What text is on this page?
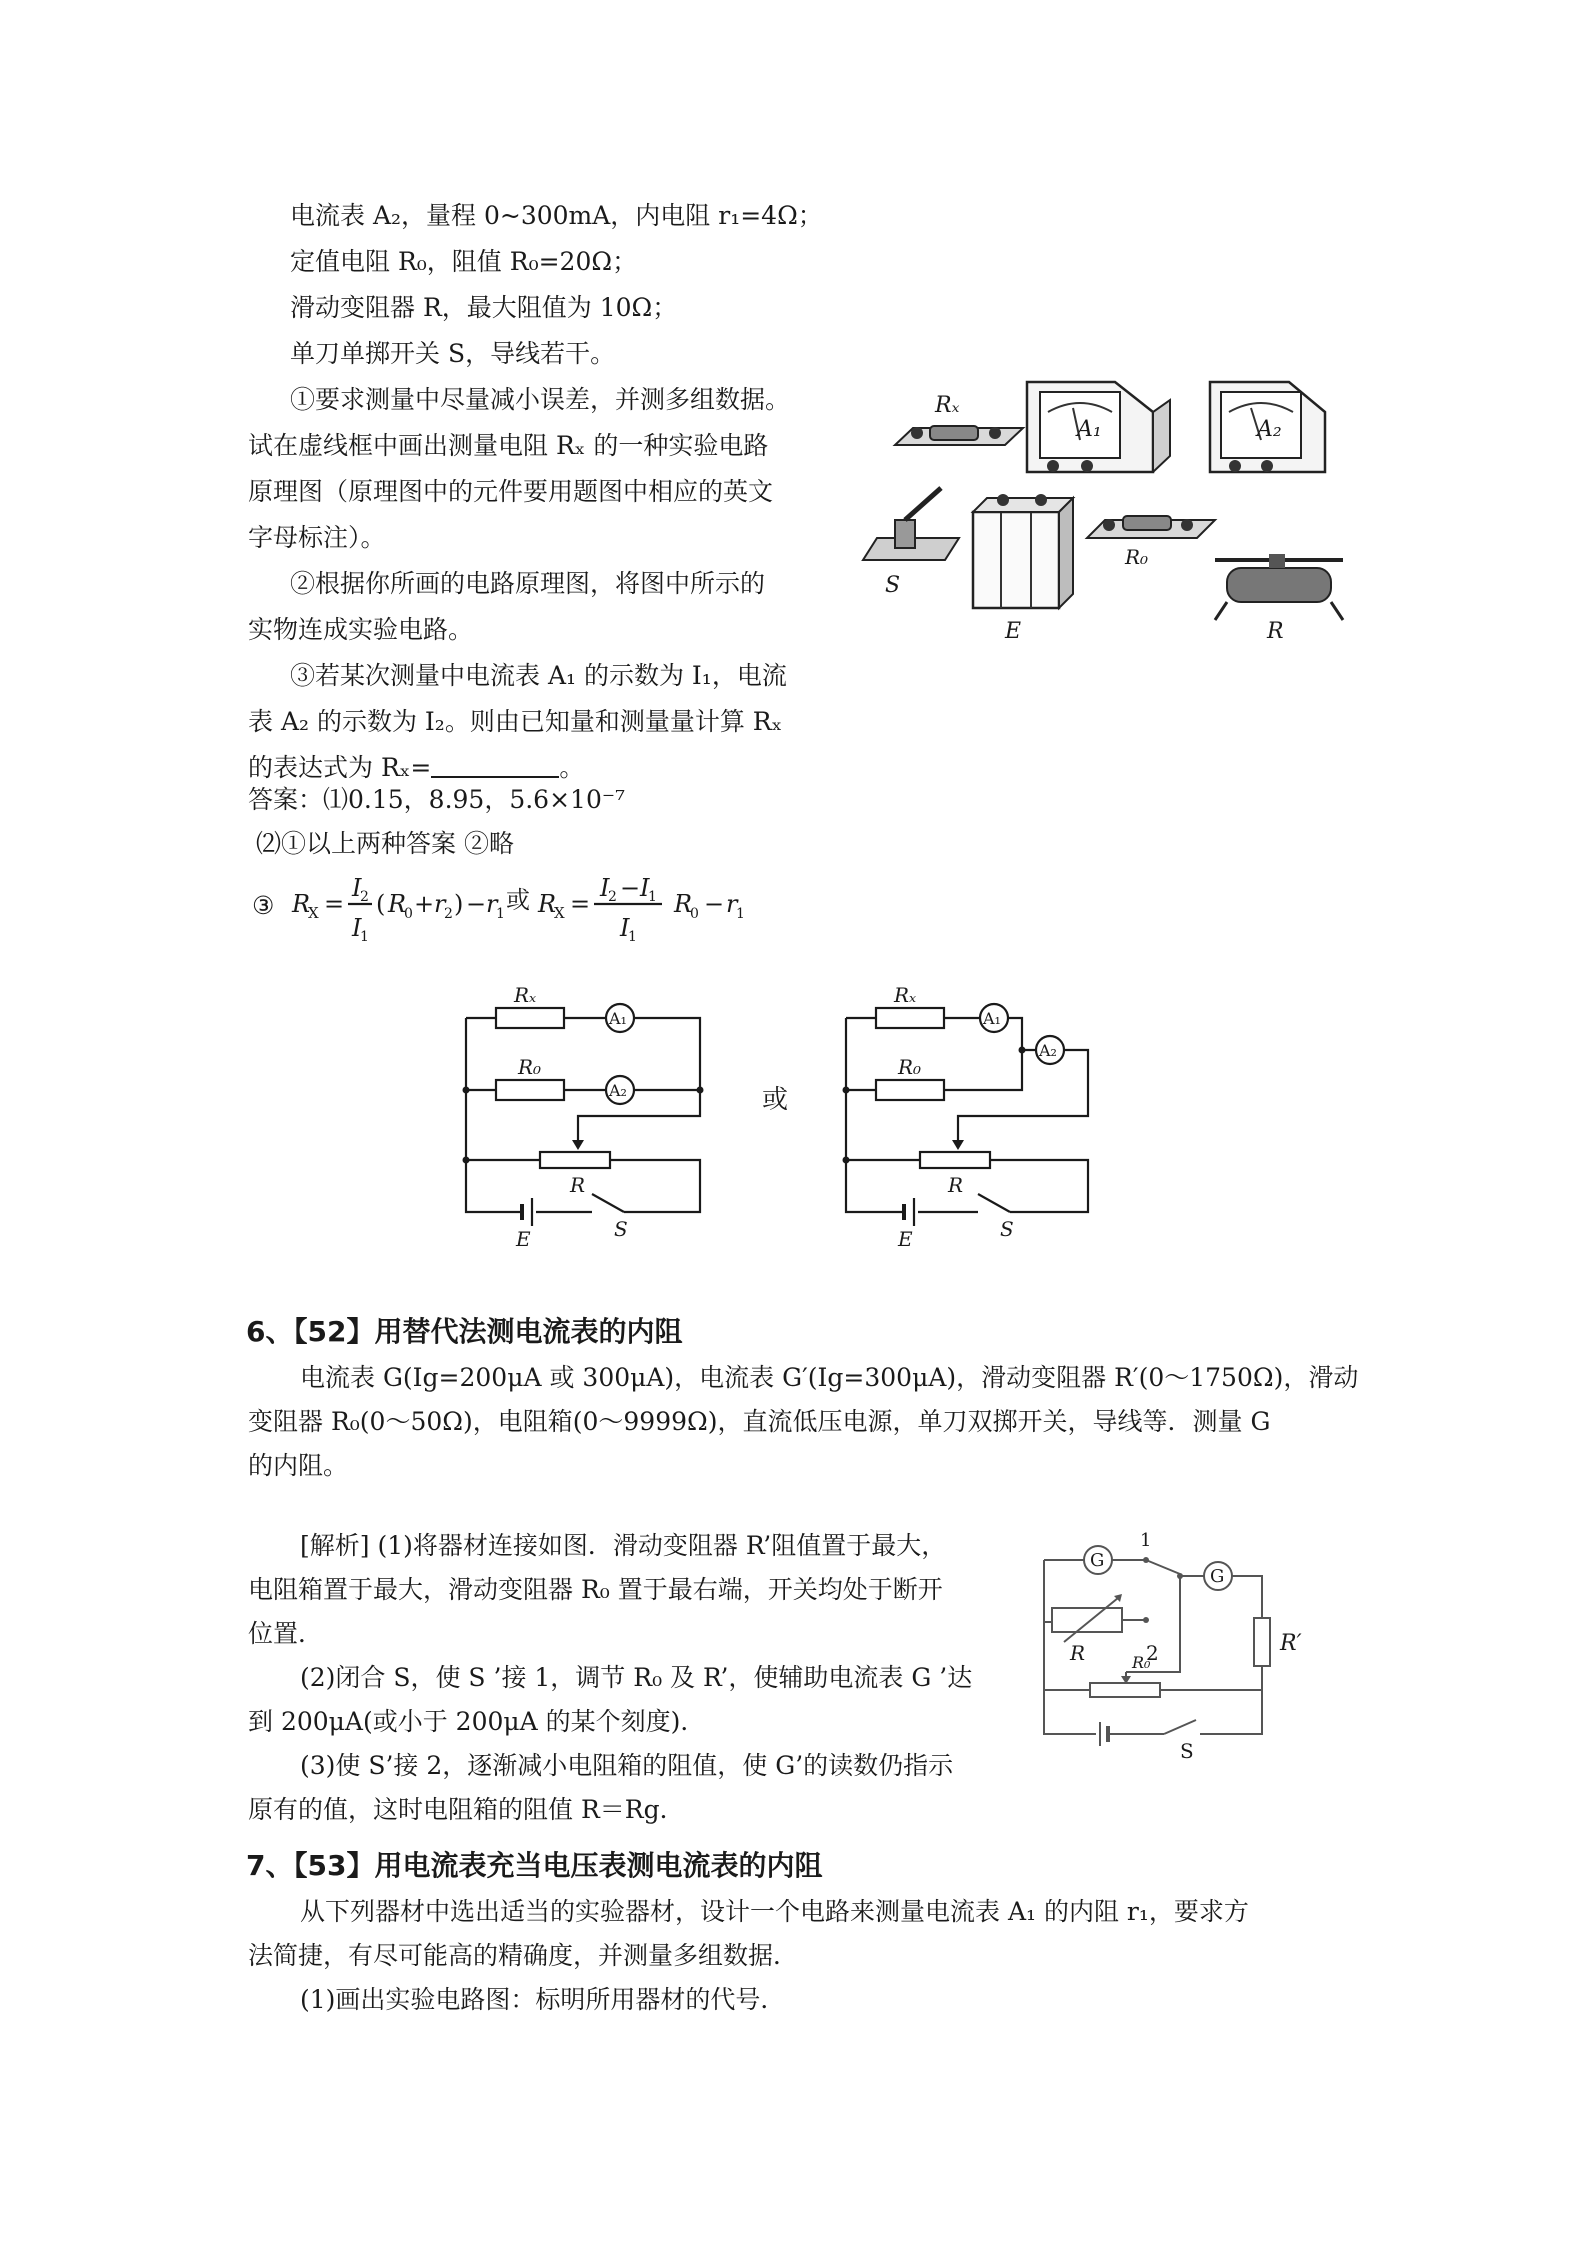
电流表 A₂，量程 0~300mA，内电阻 r₁=4Ω；
定值电阻 R₀，阻值 R₀=20Ω；
滑动变阻器 R，最大阻值为 10Ω；
单刀单掷开关 S，导线若干。
①要求测量中尽量减小误差，并测多组数据。
试在虚线框中画出测量电阻 Rₓ 的一种实验电路
原理图（原理图中的元件要用题图中相应的英文
字母标注）。
②根据你所画的电路原理图，将图中所示的
实物连成实验电路。
③若某次测量中电流表 A₁ 的示数为 I₁，电流
表 A₂ 的示数为 I₂。则由已知量和测量量计算 Rₓ
的表达式为 Rₓ=	。
Rₓ
A₁	A₂
S
E
R₀
R
答案：⑴0.15，8.95，5.6×10⁻⁷
⑵①以上两种答案 ②略
③ R
X =
I
2
I
1
( R
0 + r
2 ) − r
1 或 R
X =
I
2 − I
1
I
1
R
0 − r
1
Rₓ
R₀
A₁
A₂
R
E	S
或
Rₓ
R₀
A₁
A₂
R
E	S
6、【52】用替代法测电流表的内阻
电流表 G(Ig=200μA 或 300μA)，电流表 G′(Ig=300μA)，滑动变阻器 R′(0～1750Ω)，滑动
变阻器 R₀(0～50Ω)，电阻箱(0～9999Ω)，直流低压电源，单刀双掷开关，导线等．测量 G
的内阻。
[解析] (1)将器材连接如图．滑动变阻器 R’阻值置于最大，
电阻箱置于最大，滑动变阻器 R₀ 置于最右端，开关均处于断开
位置．
(2)闭合 S，使 S ’接 1，调节 R₀ 及 R’，使辅助电流表 G ’达
到 200μA(或小于 200μA 的某个刻度)．
(3)使 S’接 2，逐渐减小电阻箱的阻值，使 G’的读数仍指示
原有的值，这时电阻箱的阻值 R＝Rg．
G
1
G
R′
R	2
R₀
S
7、【53】用电流表充当电压表测电流表的内阻
从下列器材中选出适当的实验器材，设计一个电路来测量电流表 A₁ 的内阻 r₁，要求方
法简捷，有尽可能高的精确度，并测量多组数据．
(1)画出实验电路图：标明所用器材的代号．
